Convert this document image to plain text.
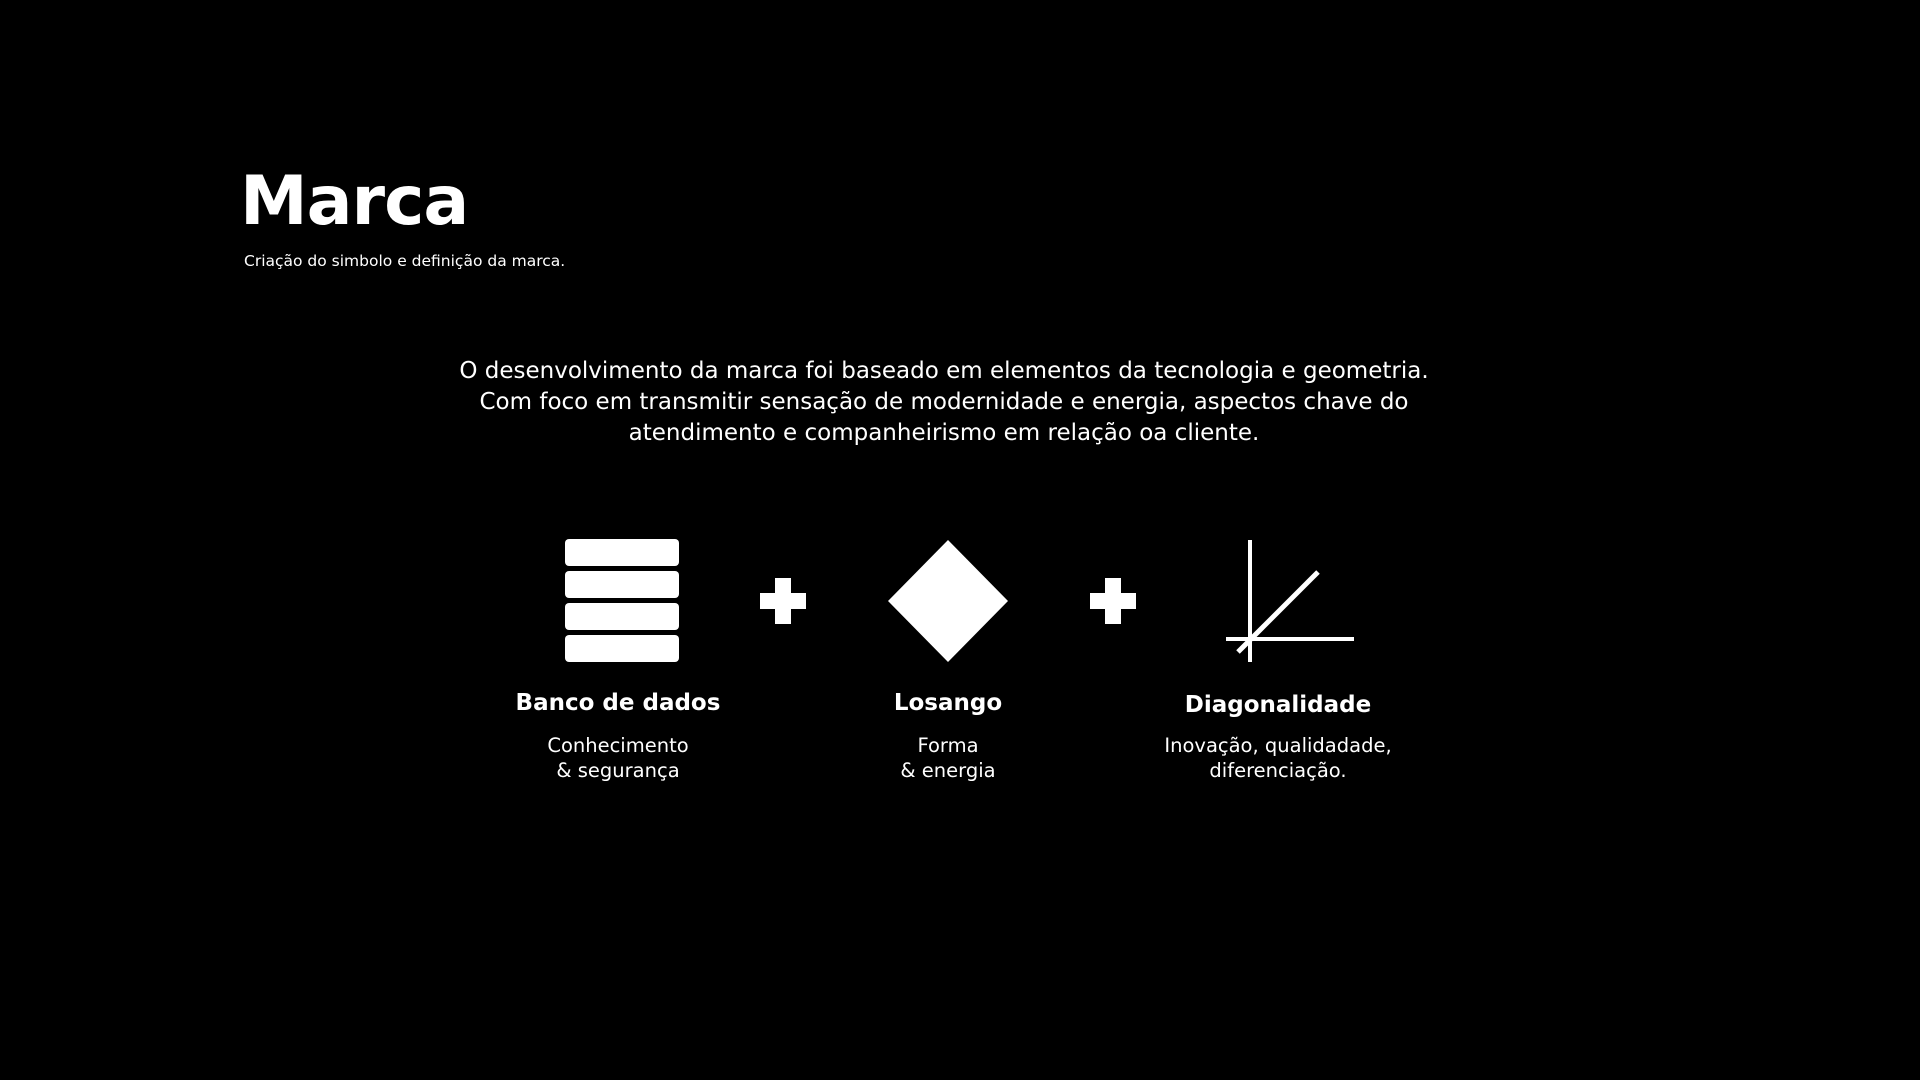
Marca

Criação do simbolo e definição da marca.

O desenvolvimento da marca foi baseado em elementos da tecnologia e geometria.
Com foco em transmitir sensação de modernidade e energia, aspectos chave do
atendimento e companheirismo em relação oa cliente.

Banco de dados

Conhecimento
& segurança

Losango

Forma
& energia

Diagonalidade

Inovação, qualidadade,
diferenciação.
